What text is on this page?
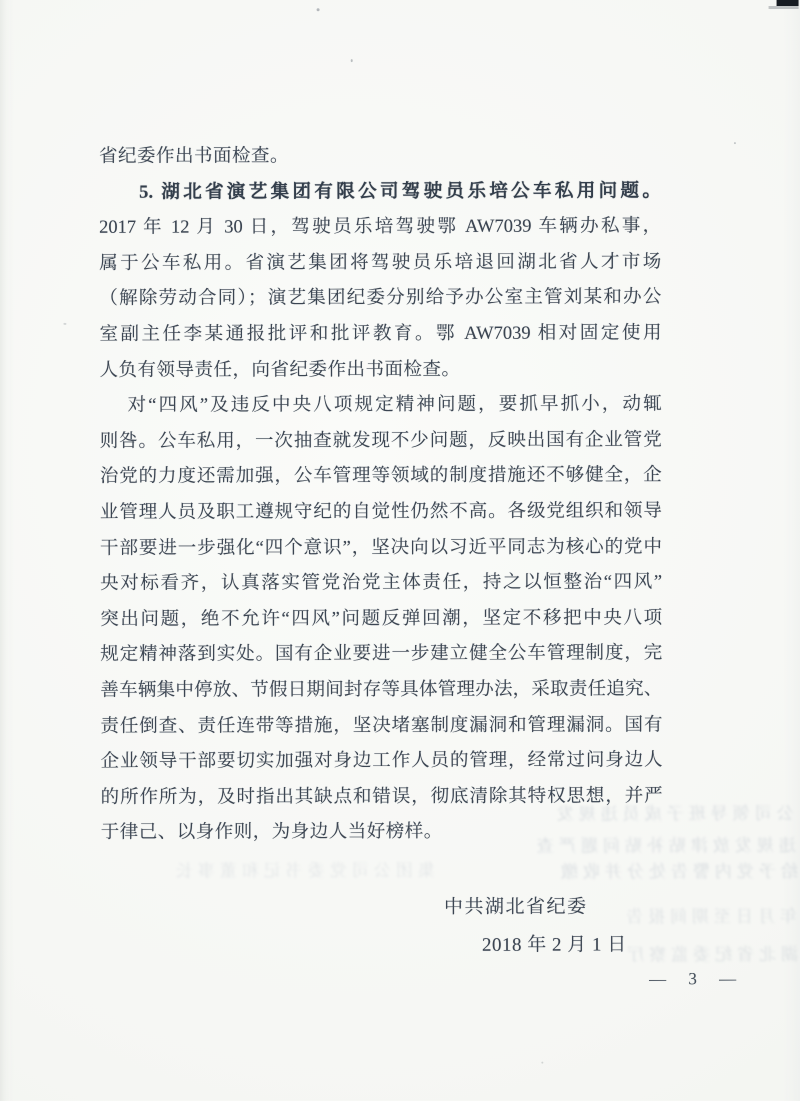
公司领导班子成员违规发
违规发放津贴补贴问题严查
集团公司党委书记和董事长	给予党内警告处分并收缴
年月日至期间报告
湖北省纪委监察厅
省纪委作出书面检查。
5. 湖北省演艺集团有限公司驾驶员乐培公车私用问题。
2017 年 12 月 30 日，驾驶员乐培驾驶鄂 AW7039 车辆办私事，
属于公车私用。省演艺集团将驾驶员乐培退回湖北省人才市场
（解除劳动合同）；演艺集团纪委分别给予办公室主管刘某和办公
室副主任李某通报批评和批评教育。鄂 AW7039 相对固定使用
人负有领导责任，向省纪委作出书面检查。
对“四风”及违反中央八项规定精神问题，要抓早抓小，动辄
则咎。公车私用，一次抽查就发现不少问题，反映出国有企业管党
治党的力度还需加强，公车管理等领域的制度措施还不够健全，企
业管理人员及职工遵规守纪的自觉性仍然不高。各级党组织和领导
干部要进一步强化“四个意识”，坚决向以习近平同志为核心的党中
央对标看齐，认真落实管党治党主体责任，持之以恒整治“四风”
突出问题，绝不允许“四风”问题反弹回潮，坚定不移把中央八项
规定精神落到实处。国有企业要进一步建立健全公车管理制度，完
善车辆集中停放、节假日期间封存等具体管理办法，采取责任追究、
责任倒查、责任连带等措施，坚决堵塞制度漏洞和管理漏洞。国有
企业领导干部要切实加强对身边工作人员的管理，经常过问身边人
的所作所为，及时指出其缺点和错误，彻底清除其特权思想，并严
于律己、以身作则，为身边人当好榜样。
中共湖北省纪委
2018 年 2 月 1 日
— 3 —
